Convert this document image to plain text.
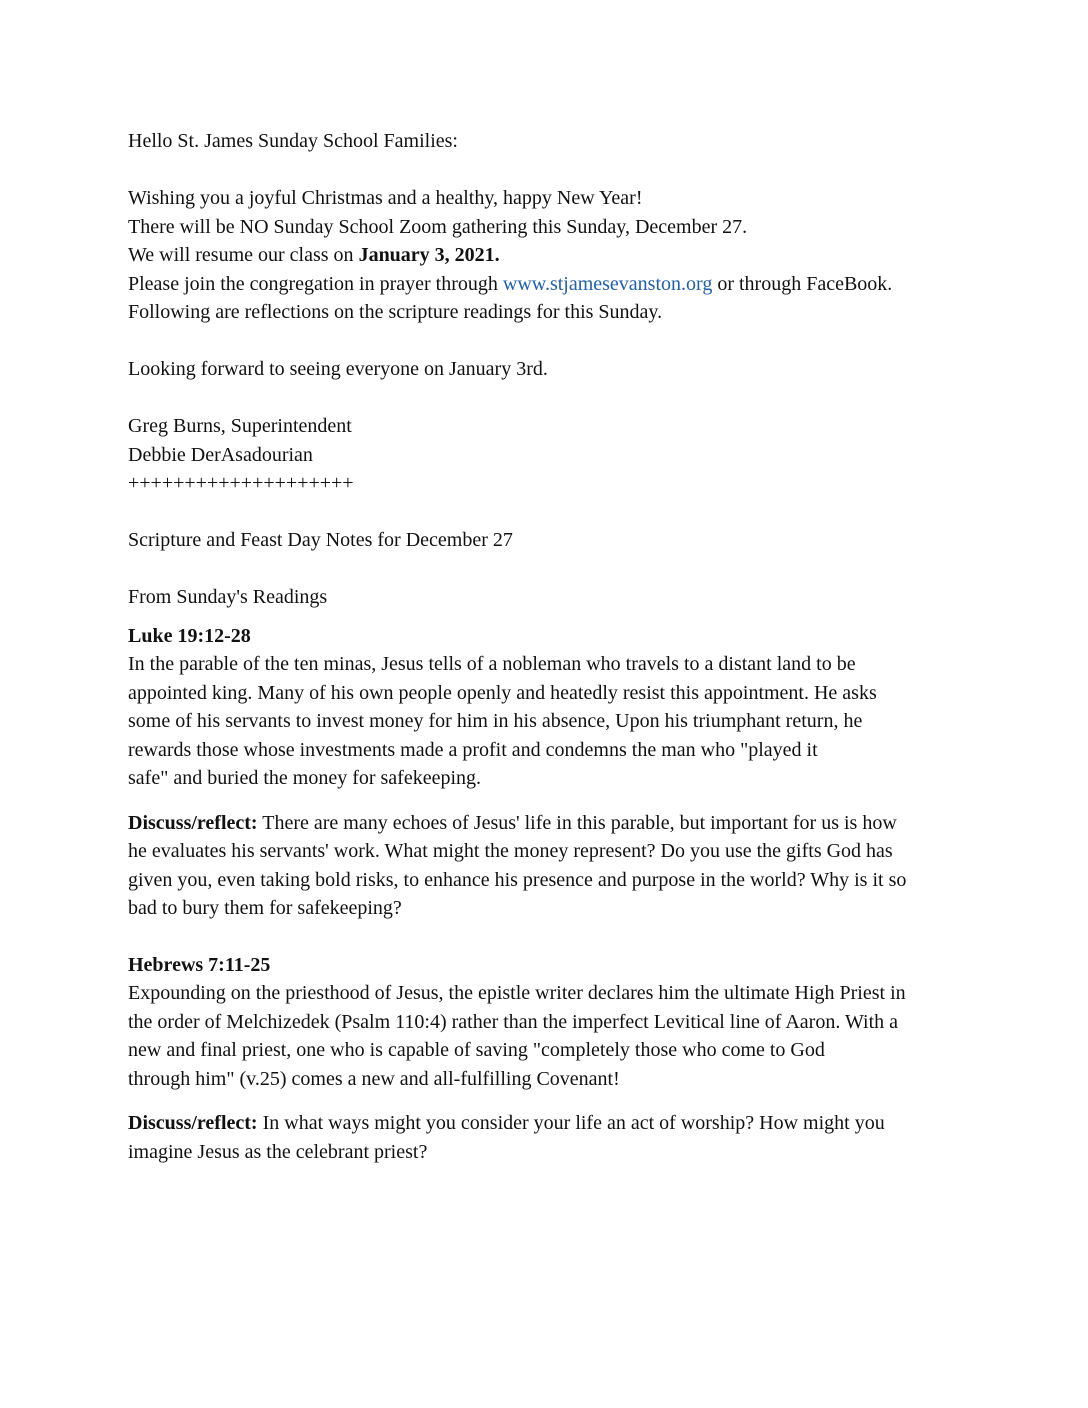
Hello St. James Sunday School Families:

Wishing you a joyful Christmas and a healthy, happy New Year!

There will be NO Sunday School Zoom gathering this Sunday, December 27.

We will resume our class on January 3, 2021.

Please join the congregation in prayer through www.stjamesevanston.org or through FaceBook.

Following are reflections on the scripture readings for this Sunday.

Looking forward to seeing everyone on January 3rd.

Greg Burns, Superintendent

Debbie DerAsadourian

++++++++++++++++++++

Scripture and Feast Day Notes for December 27

From Sunday's Readings

Luke 19:12-28

In the parable of the ten minas, Jesus tells of a nobleman who travels to a distant land to be

appointed king. Many of his own people openly and heatedly resist this appointment. He asks

some of his servants to invest money for him in his absence, Upon his triumphant return, he

rewards those whose investments made a profit and condemns the man who "played it

safe" and buried the money for safekeeping.

Discuss/reflect: There are many echoes of Jesus' life in this parable, but important for us is how

he evaluates his servants' work. What might the money represent? Do you use the gifts God has

given you, even taking bold risks, to enhance his presence and purpose in the world? Why is it so

bad to bury them for safekeeping?

Hebrews 7:11-25

Expounding on the priesthood of Jesus, the epistle writer declares him the ultimate High Priest in

the order of Melchizedek (Psalm 110:4) rather than the imperfect Levitical line of Aaron. With a

new and final priest, one who is capable of saving "completely those who come to God

through him" (v.25) comes a new and all-fulfilling Covenant!

Discuss/reflect: In what ways might you consider your life an act of worship? How might you

imagine Jesus as the celebrant priest?
